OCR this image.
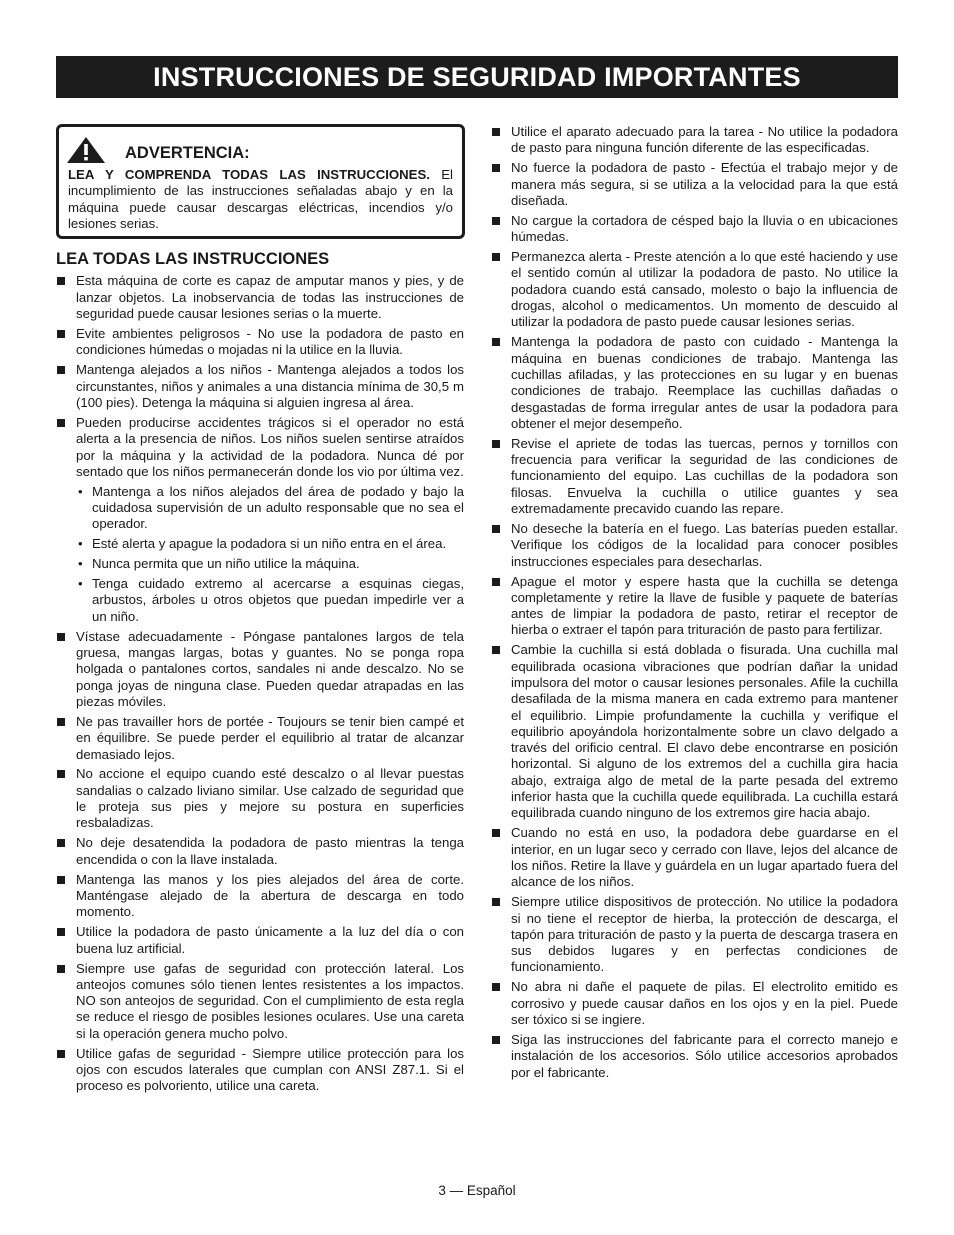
INSTRUCCIONES DE SEGURIDAD IMPORTANTES
ADVERTENCIA:
LEA Y COMPRENDA TODAS LAS INSTRUCCIONES. El incumplimiento de las instrucciones señaladas abajo y en la máquina puede causar descargas eléctricas, incendios y/o lesiones serias.
LEA TODAS LAS INSTRUCCIONES
Esta máquina de corte es capaz de amputar manos y pies, y de lanzar objetos. La inobservancia de todas las instrucciones de seguridad puede causar lesiones serias o la muerte.
Evite ambientes peligrosos - No use la podadora de pasto en condiciones húmedas o mojadas ni la utilice en la lluvia.
Mantenga alejados a los niños - Mantenga alejados a todos los circunstantes, niños y animales a una distancia mínima de 30,5 m (100 pies). Detenga la máquina si alguien ingresa al área.
Pueden producirse accidentes trágicos si el operador no está alerta a la presencia de niños. Los niños suelen sentirse atraídos por la máquina y la actividad de la podadora. Nunca dé por sentado que los niños permanecerán donde los vio por última vez.
• Mantenga a los niños alejados del área de podado y bajo la cuidadosa supervisión de un adulto responsable que no sea el operador.
• Esté alerta y apague la podadora si un niño entra en el área.
• Nunca permita que un niño utilice la máquina.
• Tenga cuidado extremo al acercarse a esquinas ciegas, arbustos, árboles u otros objetos que puedan impedirle ver a un niño.
Vístase adecuadamente - Póngase pantalones largos de tela gruesa, mangas largas, botas y guantes. No se ponga ropa holgada o pantalones cortos, sandales ni ande descalzo. No se ponga joyas de ninguna clase. Pueden quedar atrapadas en las piezas móviles.
Ne pas travailler hors de portée - Toujours se tenir bien campé et en équilibre. Se puede perder el equilibrio al tratar de alcanzar demasiado lejos.
No accione el equipo cuando esté descalzo o al llevar puestas sandalias o calzado liviano similar. Use calzado de seguridad que le proteja sus pies y mejore su postura en superficies resbaladizas.
No deje desatendida la podadora de pasto mientras la tenga encendida o con la llave instalada.
Mantenga las manos y los pies alejados del área de corte. Manténgase alejado de la abertura de descarga en todo momento.
Utilice la podadora de pasto únicamente a la luz del día o con buena luz artificial.
Siempre use gafas de seguridad con protección lateral. Los anteojos comunes sólo tienen lentes resistentes a los impactos. NO son anteojos de seguridad. Con el cumplimiento de esta regla se reduce el riesgo de posibles lesiones oculares. Use una careta si la operación genera mucho polvo.
Utilice gafas de seguridad - Siempre utilice protección para los ojos con escudos laterales que cumplan con ANSI Z87.1. Si el proceso es polvoriento, utilice una careta.
Utilice el aparato adecuado para la tarea - No utilice la podadora de pasto para ninguna función diferente de las especificadas.
No fuerce la podadora de pasto - Efectúa el trabajo mejor y de manera más segura, si se utiliza a la velocidad para la que está diseñada.
No cargue la cortadora de césped bajo la lluvia o en ubicaciones húmedas.
Permanezca alerta - Preste atención a lo que esté haciendo y use el sentido común al utilizar la podadora de pasto. No utilice la podadora cuando está cansado, molesto o bajo la influencia de drogas, alcohol o medicamentos. Un momento de descuido al utilizar la podadora de pasto puede causar lesiones serias.
Mantenga la podadora de pasto con cuidado - Mantenga la máquina en buenas condiciones de trabajo. Mantenga las cuchillas afiladas, y las protecciones en su lugar y en buenas condiciones de trabajo. Reemplace las cuchillas dañadas o desgastadas de forma irregular antes de usar la podadora para obtener el mejor desempeño.
Revise el apriete de todas las tuercas, pernos y tornillos con frecuencia para verificar la seguridad de las condiciones de funcionamiento del equipo. Las cuchillas de la podadora son filosas. Envuelva la cuchilla o utilice guantes y sea extremadamente precavido cuando las repare.
No deseche la batería en el fuego. Las baterías pueden estallar. Verifique los códigos de la localidad para conocer posibles instrucciones especiales para desecharlas.
Apague el motor y espere hasta que la cuchilla se detenga completamente y retire la llave de fusible y paquete de baterías antes de limpiar la podadora de pasto, retirar el receptor de hierba o extraer el tapón para trituración de pasto para fertilizar.
Cambie la cuchilla si está doblada o fisurada. Una cuchilla mal equilibrada ocasiona vibraciones que podrían dañar la unidad impulsora del motor o causar lesiones personales. Afile la cuchilla desafilada de la misma manera en cada extremo para mantener el equilibrio. Limpie profundamente la cuchilla y verifique el equilibrio apoyándola horizontalmente sobre un clavo delgado a través del orificio central. El clavo debe encontrarse en posición horizontal. Si alguno de los extremos del a cuchilla gira hacia abajo, extraiga algo de metal de la parte pesada del extremo inferior hasta que la cuchilla quede equilibrada. La cuchilla estará equilibrada cuando ninguno de los extremos gire hacia abajo.
Cuando no está en uso, la podadora debe guardarse en el interior, en un lugar seco y cerrado con llave, lejos del alcance de los niños. Retire la llave y guárdela en un lugar apartado fuera del alcance de los niños.
Siempre utilice dispositivos de protección. No utilice la podadora si no tiene el receptor de hierba, la protección de descarga, el tapón para trituración de pasto y la puerta de descarga trasera en sus debidos lugares y en perfectas condiciones de funcionamiento.
No abra ni dañe el paquete de pilas. El electrolito emitido es corrosivo y puede causar daños en los ojos y en la piel. Puede ser tóxico si se ingiere.
Siga las instrucciones del fabricante para el correcto manejo e instalación de los accesorios. Sólo utilice accesorios aprobados por el fabricante.
3 — Español
